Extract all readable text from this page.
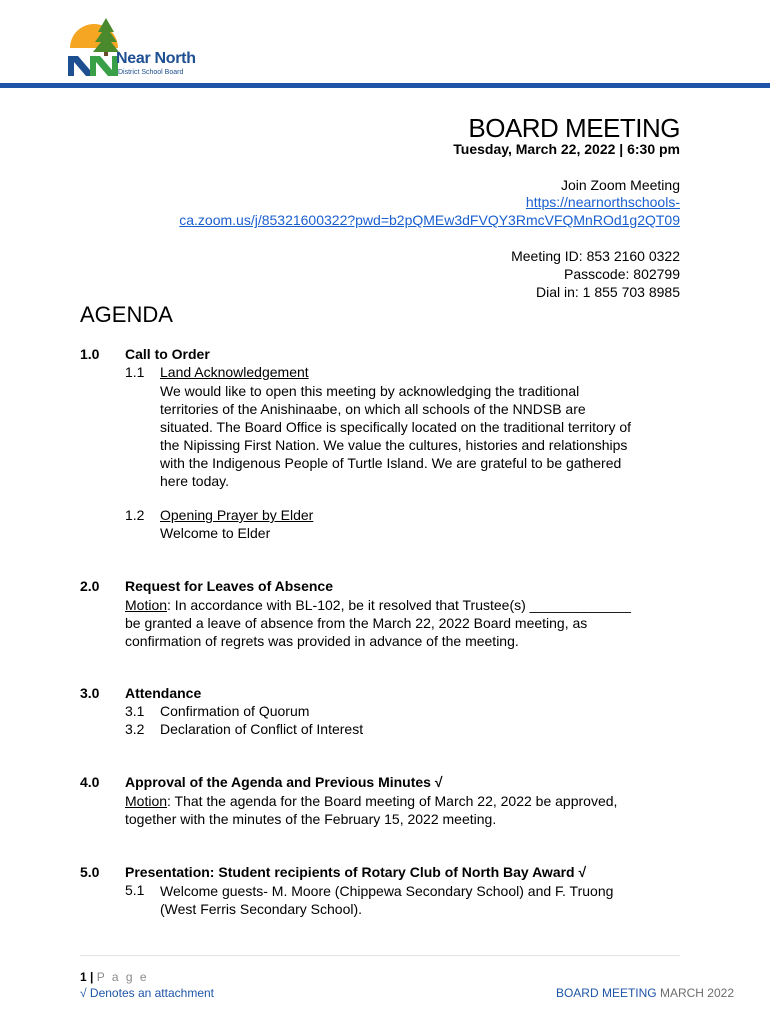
Near North
District School Board
BOARD MEETING
Tuesday, March 22, 2022 | 6:30 pm
Join Zoom Meeting
https://nearnorthschools-
ca.zoom.us/j/85321600322?pwd=b2pQMEw3dFVQY3RmcVFQMnROd1g2QT09
Meeting ID: 853 2160 0322
Passcode: 802799
Dial in: 1 855 703 8985
AGENDA
1.0 Call to Order
1.1 Land Acknowledgement
We would like to open this meeting by acknowledging the traditional
territories of the Anishinaabe, on which all schools of the NNDSB are
situated. The Board Office is specifically located on the traditional territory of
the Nipissing First Nation. We value the cultures, histories and relationships
with the Indigenous People of Turtle Island. We are grateful to be gathered
here today.
1.2 Opening Prayer by Elder
Welcome to Elder
2.0 Request for Leaves of Absence
Motion: In accordance with BL-102, be it resolved that Trustee(s) _____________
be granted a leave of absence from the March 22, 2022 Board meeting, as
confirmation of regrets was provided in advance of the meeting.
3.0 Attendance
3.1 Confirmation of Quorum
3.2 Declaration of Conflict of Interest
4.0 Approval of the Agenda and Previous Minutes √
Motion: That the agenda for the Board meeting of March 22, 2022 be approved,
together with the minutes of the February 15, 2022 meeting.
5.0 Presentation: Student recipients of Rotary Club of North Bay Award √
5.1 Welcome guests- M. Moore (Chippewa Secondary School) and F. Truong
(West Ferris Secondary School).
1 | P a g e
√ Denotes an attachment	BOARD MEETING MARCH 2022
